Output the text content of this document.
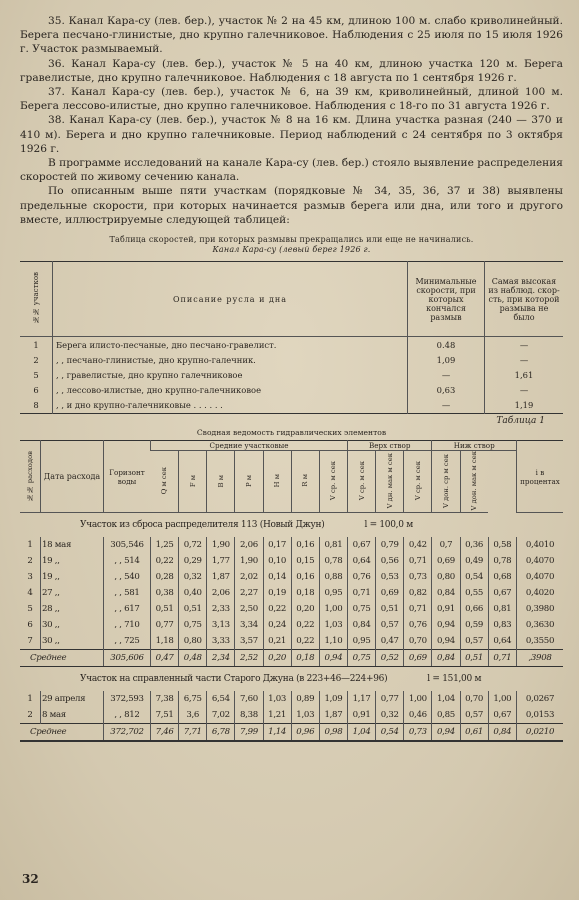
35. Канал Кара-су (лев. бер.), участок № 2 на 45 км, длиною 100 м. слабо криволинейный. Берега песчано-глинистые, дно крупно галечниковое. Наблюдения с 25 июля по 15 июля 1926 г. Участок размываемый.

36. Канал Кара-су (лев. бер.), участок № 5 на 40 км, длиною участка 120 м. Берега гравелистые, дно крупно галечниковое. Наблюдения с 18 августа по 1 сентября 1926 г.

37. Канал Кара-су (лев. бер.), участок № 6, на 39 км, криволинейный, длиной 100 м. Берега лессово-илистые, дно крупно галечниковое. Наблюдения с 18-го по 31 августа 1926 г.

38. Канал Кара-су (лев. бер.), участок № 8 на 16 км. Длина участка разная (240 — 370 и 410 м). Берега и дно крупно галечниковые. Период наблюдений с 24 сентября по 3 октября 1926 г.

В программе исследований на канале Кара-су (лев. бер.) стояло выявление распределения скоростей по живому сечению канала.

По описанным выше пяти участкам (порядковые № 34, 35, 36, 37 и 38) выявлены предельные скорости, при которых начинается размыв берега или дна, или того и другого вместе, иллюстрируемые следующей таблицей:

Таблица скоростей, при которых размывы прекращались или еще не начинались.
Канал Кара-су (левый берег 1926 г.
№№ участков	Описание русла и дна	Минимальные скорости, при которых кончался размыв	Самая высокая из наблюд. скор-сть, при которой размыва не было
1	Берега илисто-песчаные, дно песчано-гравелист.	0.48	—
2	, , песчано-глинистые, дно крупно-галечник.	1,09	—
5	, , гравелистые, дно крупно галечниковое	—	1,61
6	, , лессово-илистые, дно крупно-галечниковое	0,63	—
8	, , и дно крупно-галечниковые . . . . . .	—	1,19
Таблица 1
Сводная ведомость гидравлических элементов
№№ расходов	Дата расхода	Горизонт воды	Средние участковые							Верх створ			Ниж створ			i в процентах
			Q м сек	F м	B м	P м	H м	R м	V ср. м сек	V ср. м сек	V дн. мак м сек	V ср. м сек	V дон. ср м сек	V дон. мак м сек		
Участок из сброса распределителя 113 (Новый Джун) l = 100,0 м																
1	18 мая	305,546	1,25	0,72	1,90	2,06	0,17	0,16	0,81	0,67	0,79	0,42	0,7	0,36	0,58	0,4010
2	19 ,,	, , 514	0,22	0,29	1,77	1,90	0,10	0,15	0,78	0,64	0,56	0,71	0,69	0,49	0,78	0,4070
3	19 ,,	, , 540	0,28	0,32	1,87	2,02	0,14	0,16	0,88	0,76	0,53	0,73	0,80	0,54	0,68	0,4070
4	27 ,,	, , 581	0,38	0,40	2,06	2,27	0,19	0,18	0,95	0,71	0,69	0,82	0,84	0,55	0,67	0,4020
5	28 ,,	, , 617	0,51	0,51	2,33	2,50	0,22	0,20	1,00	0,75	0,51	0,71	0,91	0,66	0,81	0,3980
6	30 ,,	, , 710	0,77	0,75	3,13	3,34	0,24	0,22	1,03	0,84	0,57	0,76	0,94	0,59	0,83	0,3630
7	30 ,,	, , 725	1,18	0,80	3,33	3,57	0,21	0,22	1,10	0,95	0,47	0,70	0,94	0,57	0,64	0,3550
Среднее		305,606	0,47	0,48	2,34	2,52	0,20	0,18	0,94	0,75	0,52	0,69	0,84	0,51	0,71	,3908
Участок на справленный части Старого Джуна (в 223+46—224+96) l = 151,00 м																
1	29 апреля	372,593	7,38	6,75	6,54	7,60	1,03	0,89	1,09	1,17	0,77	1,00	1,04	0,70	1,00	0,0267
2	8 мая	, , 812	7,51	3,6	7,02	8,38	1,21	1,03	1,87	0,91	0,32	0,46	0,85	0,57	0,67	0,0153
Среднее		372,702	7,46	7,71	6,78	7,99	1,14	0,96	0,98	1,04	0,54	0,73	0,94	0,61	0,84	0,0210
32
